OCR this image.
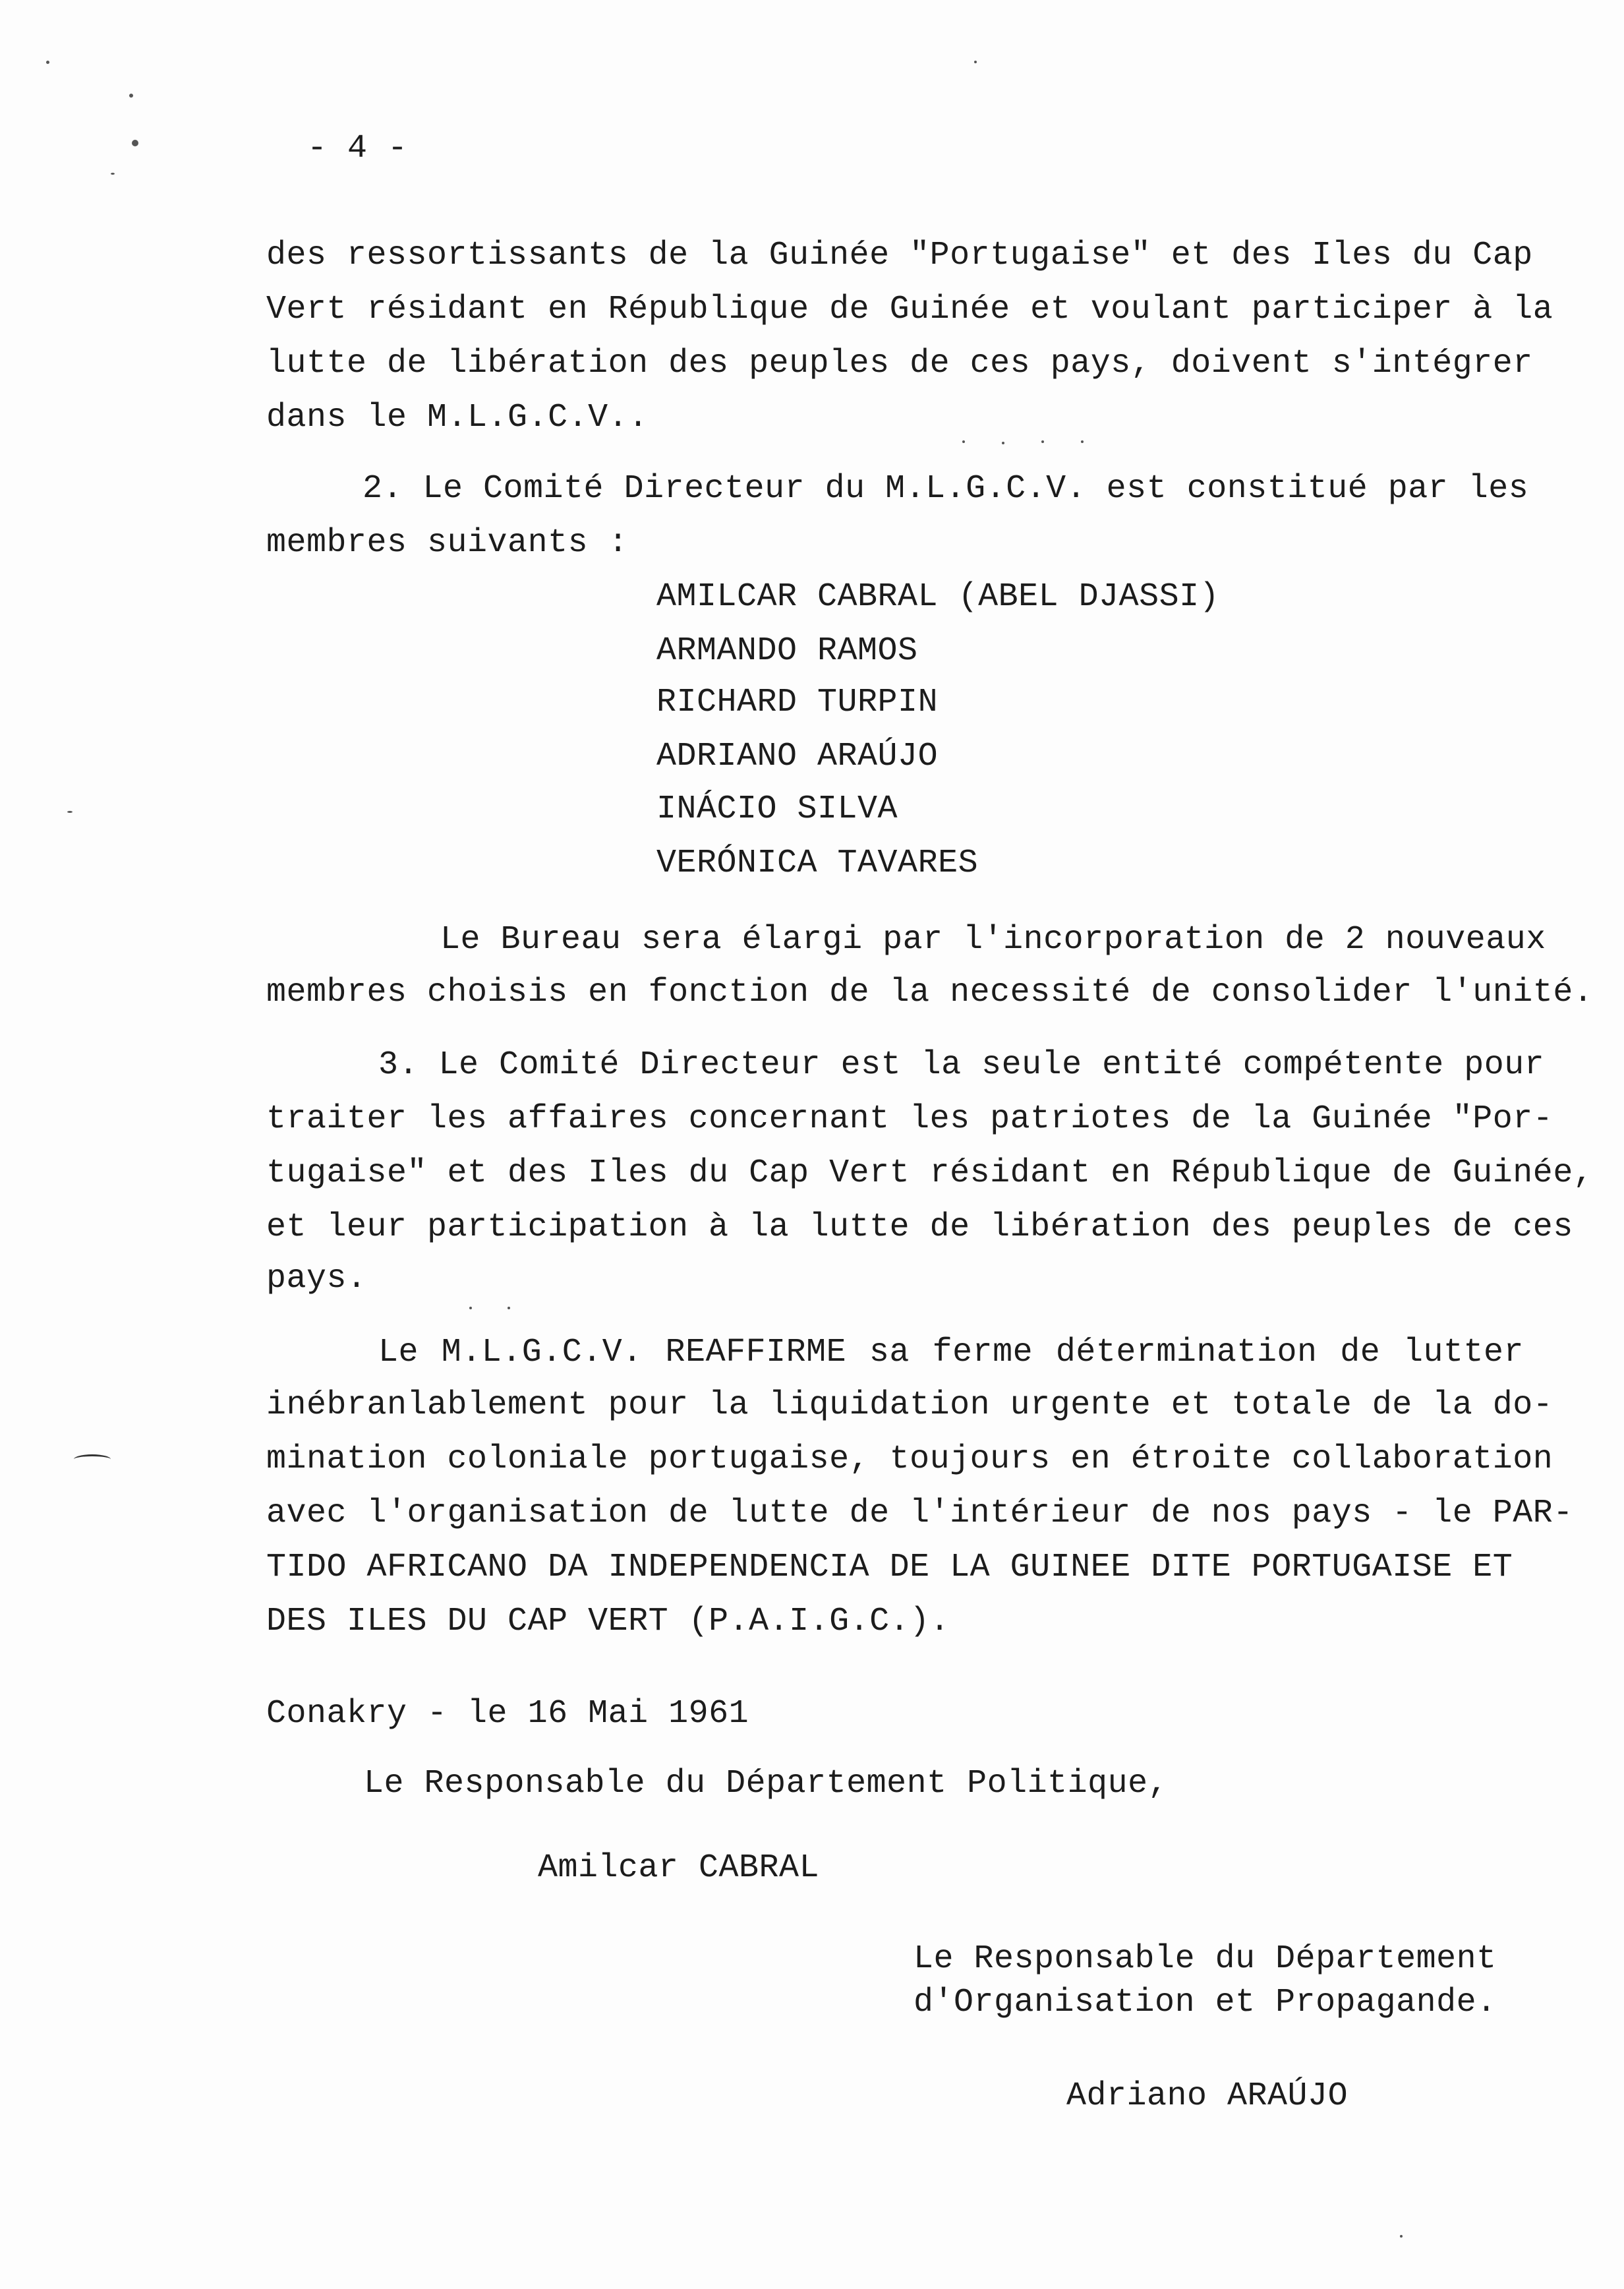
- 4 -
des ressortissants de la Guinée "Portugaise" et des Iles du Cap
Vert résidant en République de Guinée et voulant participer à la
lutte de libération des peuples de ces pays, doivent s'intégrer
dans le M.L.G.C.V..
2. Le Comité Directeur du M.L.G.C.V. est constitué par les
membres suivants :
AMILCAR CABRAL (ABEL DJASSI)
ARMANDO RAMOS
RICHARD TURPIN
ADRIANO ARAÚJO
INÁCIO SILVA
VERÓNICA TAVARES
Le Bureau sera élargi par l'incorporation de 2 nouveaux
membres choisis en fonction de la necessité de consolider l'unité.
3. Le Comité Directeur est la seule entité compétente pour
traiter les affaires concernant les patriotes de la Guinée "Por-
tugaise" et des Iles du Cap Vert résidant en République de Guinée,
et leur participation à la lutte de libération des peuples de ces
pays.
Le M.L.G.C.V. REAFFIRME sa ferme détermination de lutter
inébranlablement pour la liquidation urgente et totale de la do-
mination coloniale portugaise, toujours en étroite collaboration
avec l'organisation de lutte de l'intérieur de nos pays - le PAR-
TIDO AFRICANO DA INDEPENDENCIA DE LA GUINEE DITE PORTUGAISE ET
DES ILES DU CAP VERT (P.A.I.G.C.).
Conakry - le 16 Mai 1961
Le Responsable du Département Politique,
Amilcar CABRAL
Le Responsable du Département
d'Organisation et Propagande.
Adriano ARAÚJO
